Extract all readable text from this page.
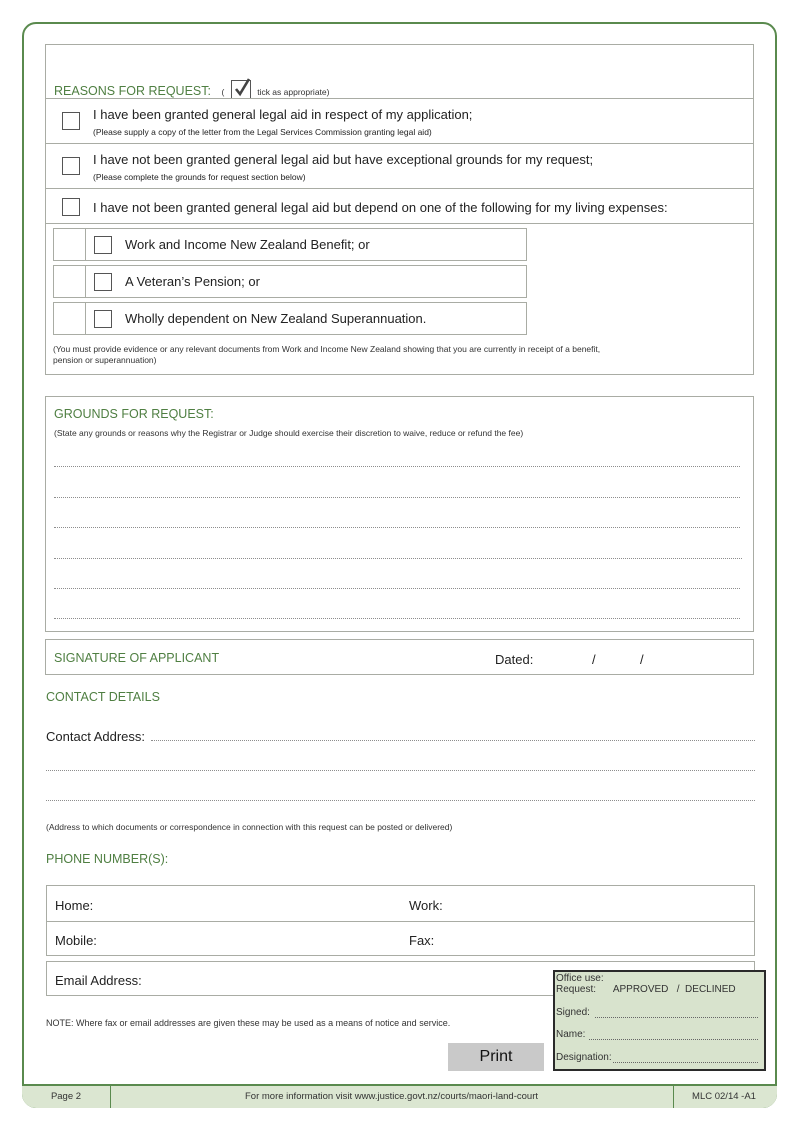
REASONS FOR REQUEST: (	tick as appropriate)
I have been granted general legal aid in respect of my application;
(Please supply a copy of the letter from the Legal Services Commission granting legal aid)
I have not been granted general legal aid but have exceptional grounds for my request;
(Please complete the grounds for request section below)
I have not been granted general legal aid but depend on one of the following for my living expenses:
Work and Income New Zealand Benefit; or
A Veteran’s Pension; or
Wholly dependent on New Zealand Superannuation.
(You must provide evidence or any relevant documents from Work and Income New Zealand showing that you are currently in receipt of a benefit,
pension or superannuation)
GROUNDS FOR REQUEST:
(State any grounds or reasons why the Registrar or Judge should exercise their discretion to waive, reduce or refund the fee)
SIGNATURE OF APPLICANT	Dated:	/	/
CONTACT DETAILS
Contact Address:
(Address to which documents or correspondence in connection with this request can be posted or delivered)
PHONE NUMBER(S):
Home:	Work:
Mobile:	Fax:
Email Address:
NOTE: Where fax or email addresses are given these may be used as a means of notice and service.
Print
Office use:
Request: APPROVED   /  DECLINED
Signed:
Name:
Designation:
Page 2	For more information visit www.justice.govt.nz/courts/maori-land-court	MLC 02/14 -A1
